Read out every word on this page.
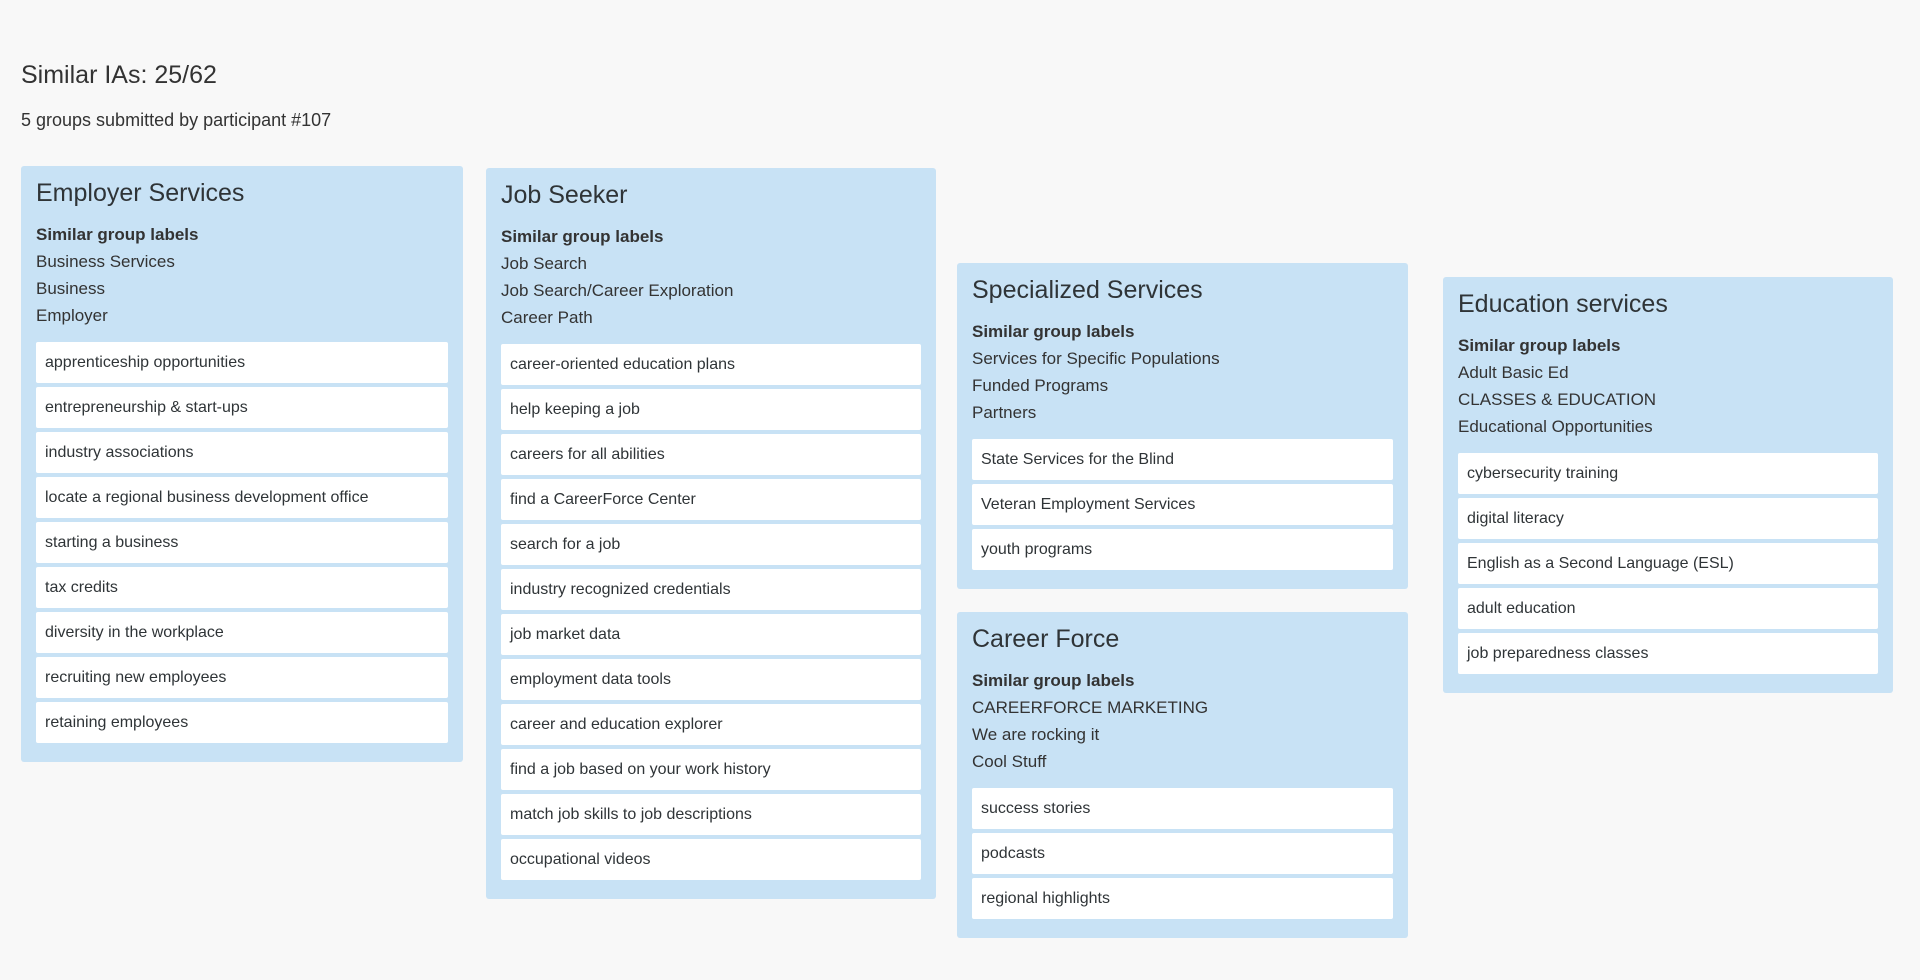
Similar IAs: 25/62
5 groups submitted by participant #107
Employer Services
Similar group labels
Business Services
Business
Employer
apprenticeship opportunities
entrepreneurship & start-ups
industry associations
locate a regional business development office
starting a business
tax credits
diversity in the workplace
recruiting new employees
retaining employees
Job Seeker
Similar group labels
Job Search
Job Search/Career Exploration
Career Path
career-oriented education plans
help keeping a job
careers for all abilities
find a CareerForce Center
search for a job
industry recognized credentials
job market data
employment data tools
career and education explorer
find a job based on your work history
match job skills to job descriptions
occupational videos
Specialized Services
Similar group labels
Services for Specific Populations
Funded Programs
Partners
State Services for the Blind
Veteran Employment Services
youth programs
Career Force
Similar group labels
CAREERFORCE MARKETING
We are rocking it
Cool Stuff
success stories
podcasts
regional highlights
Education services
Similar group labels
Adult Basic Ed
CLASSES & EDUCATION
Educational Opportunities
cybersecurity training
digital literacy
English as a Second Language (ESL)
adult education
job preparedness classes
